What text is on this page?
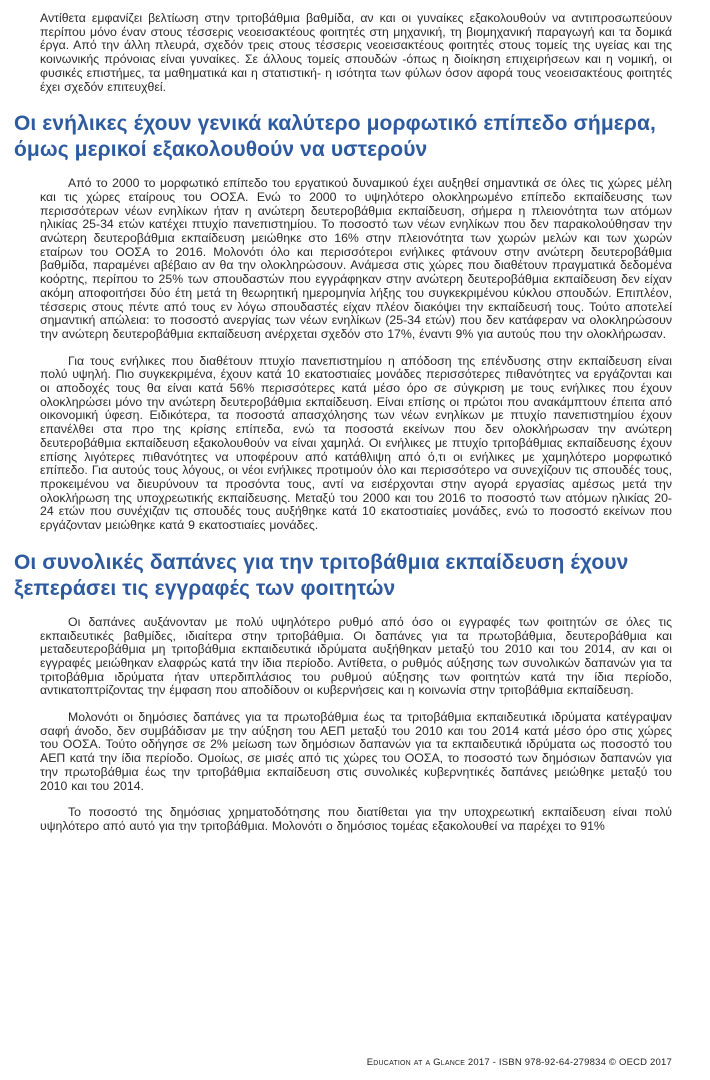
Αντίθετα εμφανίζει βελτίωση στην τριτοβάθμια βαθμίδα, αν και οι γυναίκες εξακολουθούν να αντιπροσωπεύουν περίπου μόνο έναν στους τέσσερις νεοεισακτέους φοιτητές στη μηχανική, τη βιομηχανική παραγωγή και τα δομικά έργα. Από την άλλη πλευρά, σχεδόν τρεις στους τέσσερις νεοεισακτέους φοιτητές στους τομείς της υγείας και της κοινωνικής πρόνοιας είναι γυναίκες. Σε άλλους τομείς σπουδών -όπως η διοίκηση επιχειρήσεων και η νομική, οι φυσικές επιστήμες, τα μαθηματικά και η στατιστική- η ισότητα των φύλων όσον αφορά τους νεοεισακτέους φοιτητές έχει σχεδόν επιτευχθεί.

Οι ενήλικες έχουν γενικά καλύτερο μορφωτικό επίπεδο σήμερα, όμως μερικοί εξακολουθούν να υστερούν

Από το 2000 το μορφωτικό επίπεδο του εργατικού δυναμικού έχει αυξηθεί σημαντικά σε όλες τις χώρες μέλη και τις χώρες εταίρους του ΟΟΣΑ. Ενώ το 2000 το υψηλότερο ολοκληρωμένο επίπεδο εκπαίδευσης των περισσότερων νέων ενηλίκων ήταν η ανώτερη δευτεροβάθμια εκπαίδευση, σήμερα η πλειονότητα των ατόμων ηλικίας 25-34 ετών κατέχει πτυχίο πανεπιστημίου. Το ποσοστό των νέων ενηλίκων που δεν παρακολούθησαν την ανώτερη δευτεροβάθμια εκπαίδευση μειώθηκε στο 16% στην πλειονότητα των χωρών μελών και των χωρών εταίρων του ΟΟΣΑ το 2016. Μολονότι όλο και περισσότεροι ενήλικες φτάνουν στην ανώτερη δευτεροβάθμια βαθμίδα, παραμένει αβέβαιο αν θα την ολοκληρώσουν. Ανάμεσα στις χώρες που διαθέτουν πραγματικά δεδομένα κοόρτης, περίπου το 25% των σπουδαστών που εγγράφηκαν στην ανώτερη δευτεροβάθμια εκπαίδευση δεν είχαν ακόμη αποφοιτήσει δύο έτη μετά τη θεωρητική ημερομηνία λήξης του συγκεκριμένου κύκλου σπουδών. Επιπλέον, τέσσερις στους πέντε από τους εν λόγω σπουδαστές είχαν πλέον διακόψει την εκπαίδευσή τους. Τούτο αποτελεί σημαντική απώλεια: το ποσοστό ανεργίας των νέων ενηλίκων (25-34 ετών) που δεν κατάφεραν να ολοκληρώσουν την ανώτερη δευτεροβάθμια εκπαίδευση ανέρχεται σχεδόν στο 17%, έναντι 9% για αυτούς που την ολοκλήρωσαν.

Για τους ενήλικες που διαθέτουν πτυχίο πανεπιστημίου η απόδοση της επένδυσης στην εκπαίδευση είναι πολύ υψηλή. Πιο συγκεκριμένα, έχουν κατά 10 εκατοστιαίες μονάδες περισσότερες πιθανότητες να εργάζονται και οι αποδοχές τους θα είναι κατά 56% περισσότερες κατά μέσο όρο σε σύγκριση με τους ενήλικες που έχουν ολοκληρώσει μόνο την ανώτερη δευτεροβάθμια εκπαίδευση. Είναι επίσης οι πρώτοι που ανακάμπτουν έπειτα από οικονομική ύφεση. Ειδικότερα, τα ποσοστά απασχόλησης των νέων ενηλίκων με πτυχίο πανεπιστημίου έχουν επανέλθει στα προ της κρίσης επίπεδα, ενώ τα ποσοστά εκείνων που δεν ολοκλήρωσαν την ανώτερη δευτεροβάθμια εκπαίδευση εξακολουθούν να είναι χαμηλά. Οι ενήλικες με πτυχίο τριτοβάθμιας εκπαίδευσης έχουν επίσης λιγότερες πιθανότητες να υποφέρουν από κατάθλιψη από ό,τι οι ενήλικες με χαμηλότερο μορφωτικό επίπεδο. Για αυτούς τους λόγους, οι νέοι ενήλικες προτιμούν όλο και περισσότερο να συνεχίζουν τις σπουδές τους, προκειμένου να διευρύνουν τα προσόντα τους, αντί να εισέρχονται στην αγορά εργασίας αμέσως μετά την ολοκλήρωση της υποχρεωτικής εκπαίδευσης. Μεταξύ του 2000 και του 2016 το ποσοστό των ατόμων ηλικίας 20-24 ετών που συνέχιζαν τις σπουδές τους αυξήθηκε κατά 10 εκατοστιαίες μονάδες, ενώ το ποσοστό εκείνων που εργάζονταν μειώθηκε κατά 9 εκατοστιαίες μονάδες.

Οι συνολικές δαπάνες για την τριτοβάθμια εκπαίδευση έχουν ξεπεράσει τις εγγραφές των φοιτητών

Οι δαπάνες αυξάνονταν με πολύ υψηλότερο ρυθμό από όσο οι εγγραφές των φοιτητών σε όλες τις εκπαιδευτικές βαθμίδες, ιδιαίτερα στην τριτοβάθμια. Οι δαπάνες για τα πρωτοβάθμια, δευτεροβάθμια και μεταδευτεροβάθμια μη τριτοβάθμια εκπαιδευτικά ιδρύματα αυξήθηκαν μεταξύ του 2010 και του 2014, αν και οι εγγραφές μειώθηκαν ελαφρώς κατά την ίδια περίοδο. Αντίθετα, ο ρυθμός αύξησης των συνολικών δαπανών για τα τριτοβάθμια ιδρύματα ήταν υπερδιπλάσιος του ρυθμού αύξησης των φοιτητών κατά την ίδια περίοδο, αντικατοπτρίζοντας την έμφαση που αποδίδουν οι κυβερνήσεις και η κοινωνία στην τριτοβάθμια εκπαίδευση.

Μολονότι οι δημόσιες δαπάνες για τα πρωτοβάθμια έως τα τριτοβάθμια εκπαιδευτικά ιδρύματα κατέγραψαν σαφή άνοδο, δεν συμβάδισαν με την αύξηση του ΑΕΠ μεταξύ του 2010 και του 2014 κατά μέσο όρο στις χώρες του ΟΟΣΑ. Τούτο οδήγησε σε 2% μείωση των δημόσιων δαπανών για τα εκπαιδευτικά ιδρύματα ως ποσοστό του ΑΕΠ κατά την ίδια περίοδο. Ομοίως, σε μισές από τις χώρες του ΟΟΣΑ, το ποσοστό των δημόσιων δαπανών για την πρωτοβάθμια έως την τριτοβάθμια εκπαίδευση στις συνολικές κυβερνητικές δαπάνες μειώθηκε μεταξύ του 2010 και του 2014.

Το ποσοστό της δημόσιας χρηματοδότησης που διατίθεται για την υποχρεωτική εκπαίδευση είναι πολύ υψηλότερο από αυτό για την τριτοβάθμια. Μολονότι ο δημόσιος τομέας εξακολουθεί να παρέχει το 91%

Education at a Glance 2017 - ISBN 978-92-64-279834 © OECD 2017
